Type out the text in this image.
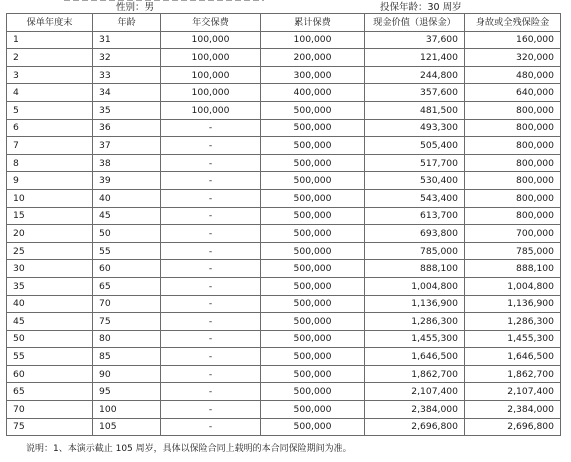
性别：男	投保年龄：30 周岁
保单年度末	年龄	年交保费	累计保费	现金价值（退保金）	身故或全残保险金
1	31	100,000	100,000	37,600	160,000
2	32	100,000	200,000	121,400	320,000
3	33	100,000	300,000	244,800	480,000
4	34	100,000	400,000	357,600	640,000
5	35	100,000	500,000	481,500	800,000
6	36	-	500,000	493,300	800,000
7	37	-	500,000	505,400	800,000
8	38	-	500,000	517,700	800,000
9	39	-	500,000	530,400	800,000
10	40	-	500,000	543,400	800,000
15	45	-	500,000	613,700	800,000
20	50	-	500,000	693,800	700,000
25	55	-	500,000	785,000	785,000
30	60	-	500,000	888,100	888,100
35	65	-	500,000	1,004,800	1,004,800
40	70	-	500,000	1,136,900	1,136,900
45	75	-	500,000	1,286,300	1,286,300
50	80	-	500,000	1,455,300	1,455,300
55	85	-	500,000	1,646,500	1,646,500
60	90	-	500,000	1,862,700	1,862,700
65	95	-	500,000	2,107,400	2,107,400
70	100	-	500,000	2,384,000	2,384,000
75	105	-	500,000	2,696,800	2,696,800
说明：1、本演示截止 105 周岁，具体以保险合同上载明的本合同保险期间为准。
